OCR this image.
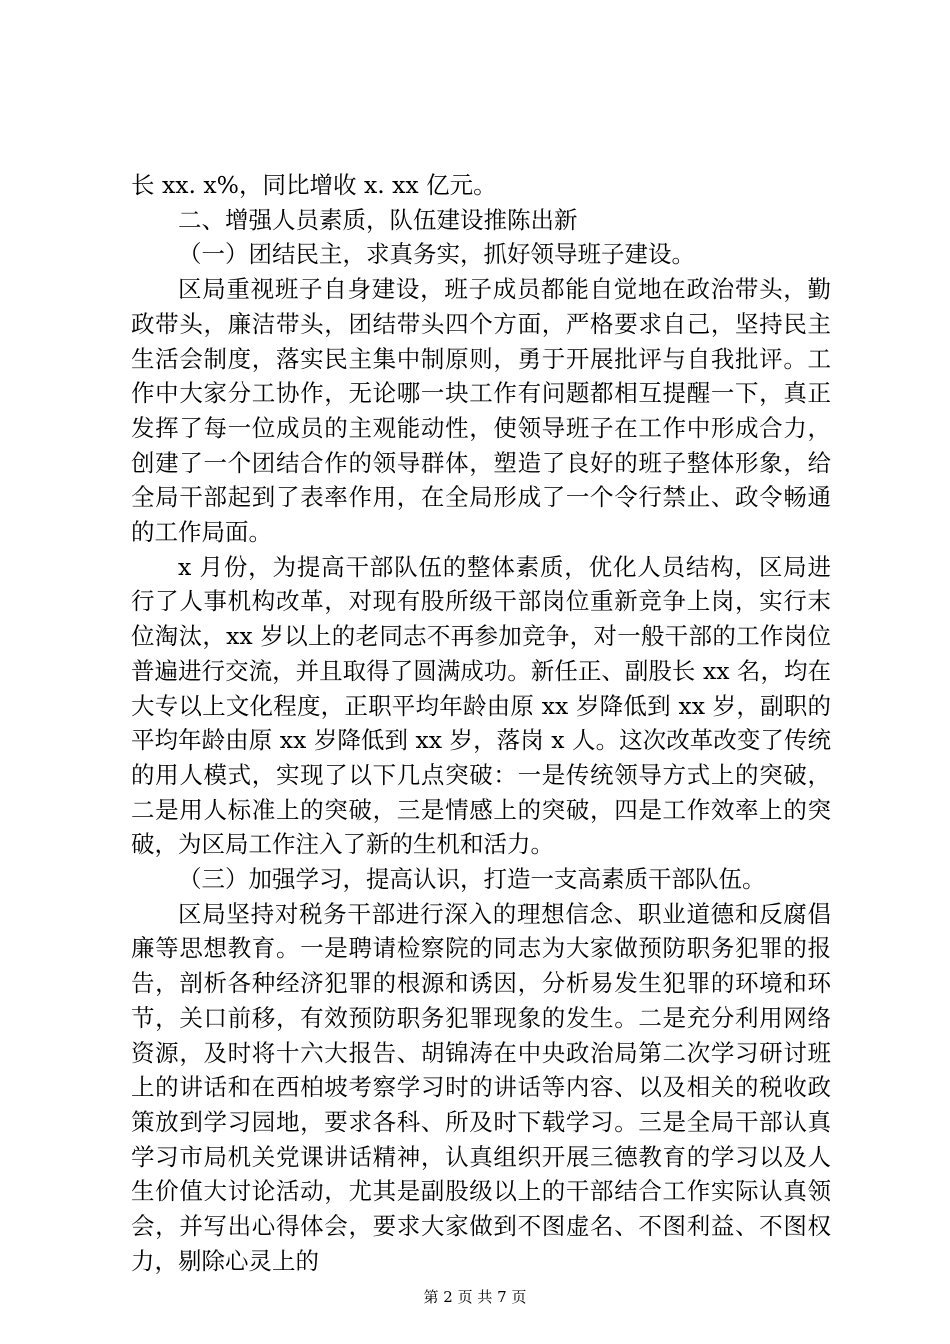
长 xx. x%，同比增收 x. xx 亿元。

二、增强人员素质，队伍建设推陈出新

（一）团结民主，求真务实，抓好领导班子建设。

区局重视班子自身建设，班子成员都能自觉地在政治带头，勤政带头，廉洁带头，团结带头四个方面，严格要求自己，坚持民主生活会制度，落实民主集中制原则，勇于开展批评与自我批评。工作中大家分工协作，无论哪一块工作有问题都相互提醒一下，真正发挥了每一位成员的主观能动性，使领导班子在工作中形成合力，创建了一个团结合作的领导群体，塑造了良好的班子整体形象，给全局干部起到了表率作用，在全局形成了一个令行禁止、政令畅通的工作局面。

x 月份，为提高干部队伍的整体素质，优化人员结构，区局进行了人事机构改革，对现有股所级干部岗位重新竞争上岗，实行末位淘汰，xx 岁以上的老同志不再参加竞争，对一般干部的工作岗位普遍进行交流，并且取得了圆满成功。新任正、副股长 xx 名，均在大专以上文化程度，正职平均年龄由原 xx 岁降低到 xx 岁，副职的平均年龄由原 xx 岁降低到 xx 岁，落岗 x 人。这次改革改变了传统的用人模式，实现了以下几点突破：一是传统领导方式上的突破，二是用人标准上的突破，三是情感上的突破，四是工作效率上的突破，为区局工作注入了新的生机和活力。

（三）加强学习，提高认识，打造一支高素质干部队伍。

区局坚持对税务干部进行深入的理想信念、职业道德和反腐倡廉等思想教育。一是聘请检察院的同志为大家做预防职务犯罪的报告，剖析各种经济犯罪的根源和诱因，分析易发生犯罪的环境和环节，关口前移，有效预防职务犯罪现象的发生。二是充分利用网络资源，及时将十六大报告、胡锦涛在中央政治局第二次学习研讨班上的讲话和在西柏坡考察学习时的讲话等内容、以及相关的税收政策放到学习园地，要求各科、所及时下载学习。三是全局干部认真学习市局机关党课讲话精神，认真组织开展三德教育的学习以及人生价值大讨论活动，尤其是副股级以上的干部结合工作实际认真领会，并写出心得体会，要求大家做到不图虚名、不图利益、不图权力，剔除心灵上的

第 2 页 共 7 页
